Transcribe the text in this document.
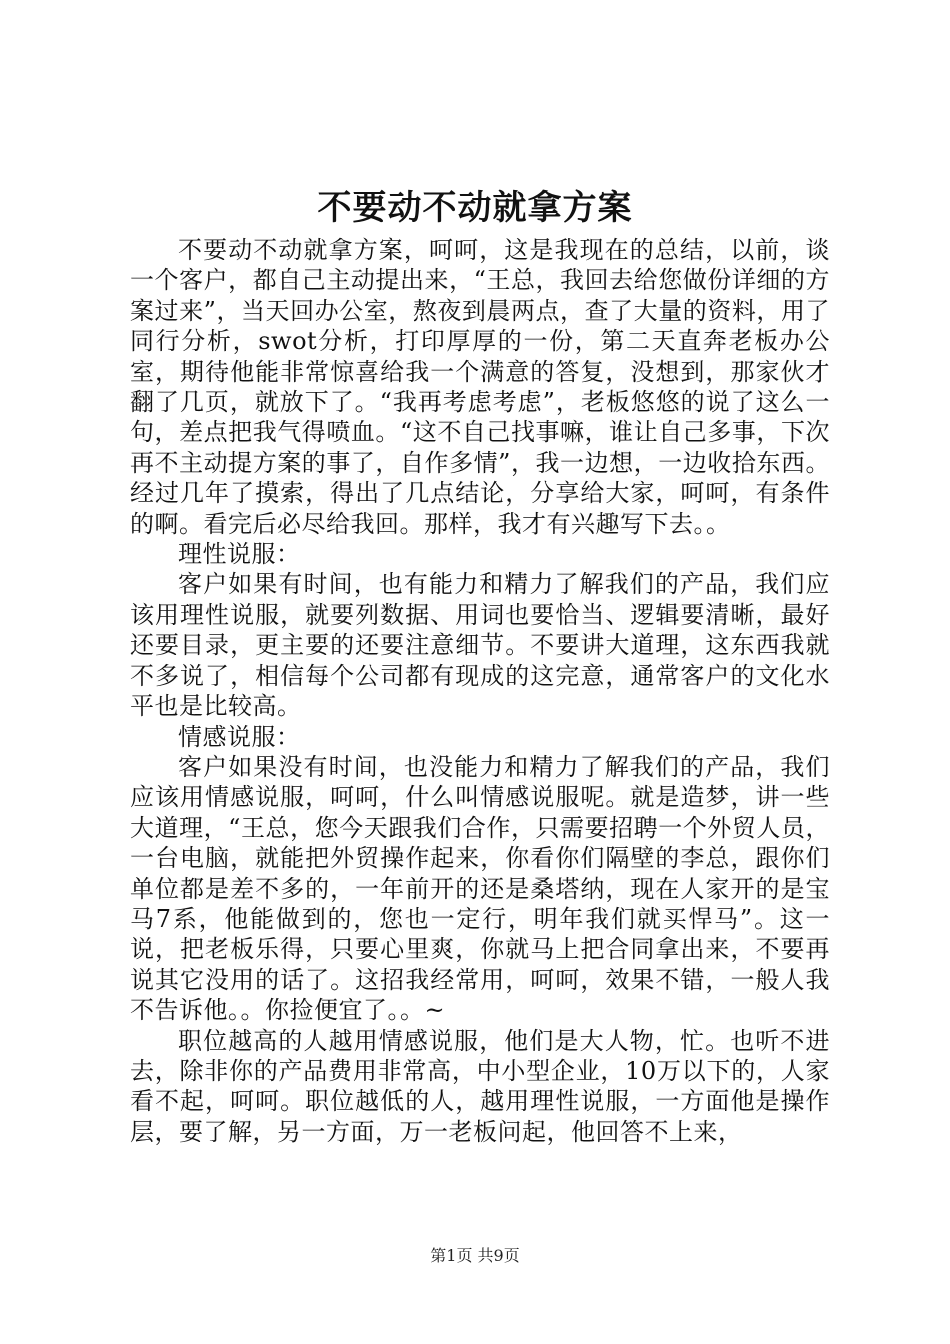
不要动不动就拿方案

不要动不动就拿方案，呵呵，这是我现在的总结，以前，谈一个客户，都自己主动提出来，“王总，我回去给您做份详细的方案过来”，当天回办公室，熬夜到晨两点，查了大量的资料，用了同行分析，swot分析，打印厚厚的一份，第二天直奔老板办公室，期待他能非常惊喜给我一个满意的答复，没想到，那家伙才翻了几页，就放下了。“我再考虑考虑”，老板悠悠的说了这么一句，差点把我气得喷血。“这不自己找事嘛，谁让自己多事，下次再不主动提方案的事了，自作多情”，我一边想，一边收拾东西。经过几年了摸索，得出了几点结论，分享给大家，呵呵，有条件的啊。看完后必尽给我回。那样，我才有兴趣写下去。。

理性说服：

客户如果有时间，也有能力和精力了解我们的产品，我们应该用理性说服，就要列数据、用词也要恰当、逻辑要清晰，最好还要目录，更主要的还要注意细节。不要讲大道理，这东西我就不多说了，相信每个公司都有现成的这完意，通常客户的文化水平也是比较高。

情感说服：

客户如果没有时间，也没能力和精力了解我们的产品，我们应该用情感说服，呵呵，什么叫情感说服呢。就是造梦，讲一些大道理，“王总，您今天跟我们合作，只需要招聘一个外贸人员，一台电脑，就能把外贸操作起来，你看你们隔壁的李总，跟你们单位都是差不多的，一年前开的还是桑塔纳，现在人家开的是宝马7系，他能做到的，您也一定行，明年我们就买悍马”。这一说，把老板乐得，只要心里爽，你就马上把合同拿出来，不要再说其它没用的话了。这招我经常用，呵呵，效果不错，一般人我不告诉他。。你捡便宜了。。~

职位越高的人越用情感说服，他们是大人物，忙。也听不进去，除非你的产品费用非常高，中小型企业，10万以下的，人家看不起，呵呵。职位越低的人，越用理性说服，一方面他是操作层，要了解，另一方面，万一老板问起，他回答不上来，

第1页 共9页
